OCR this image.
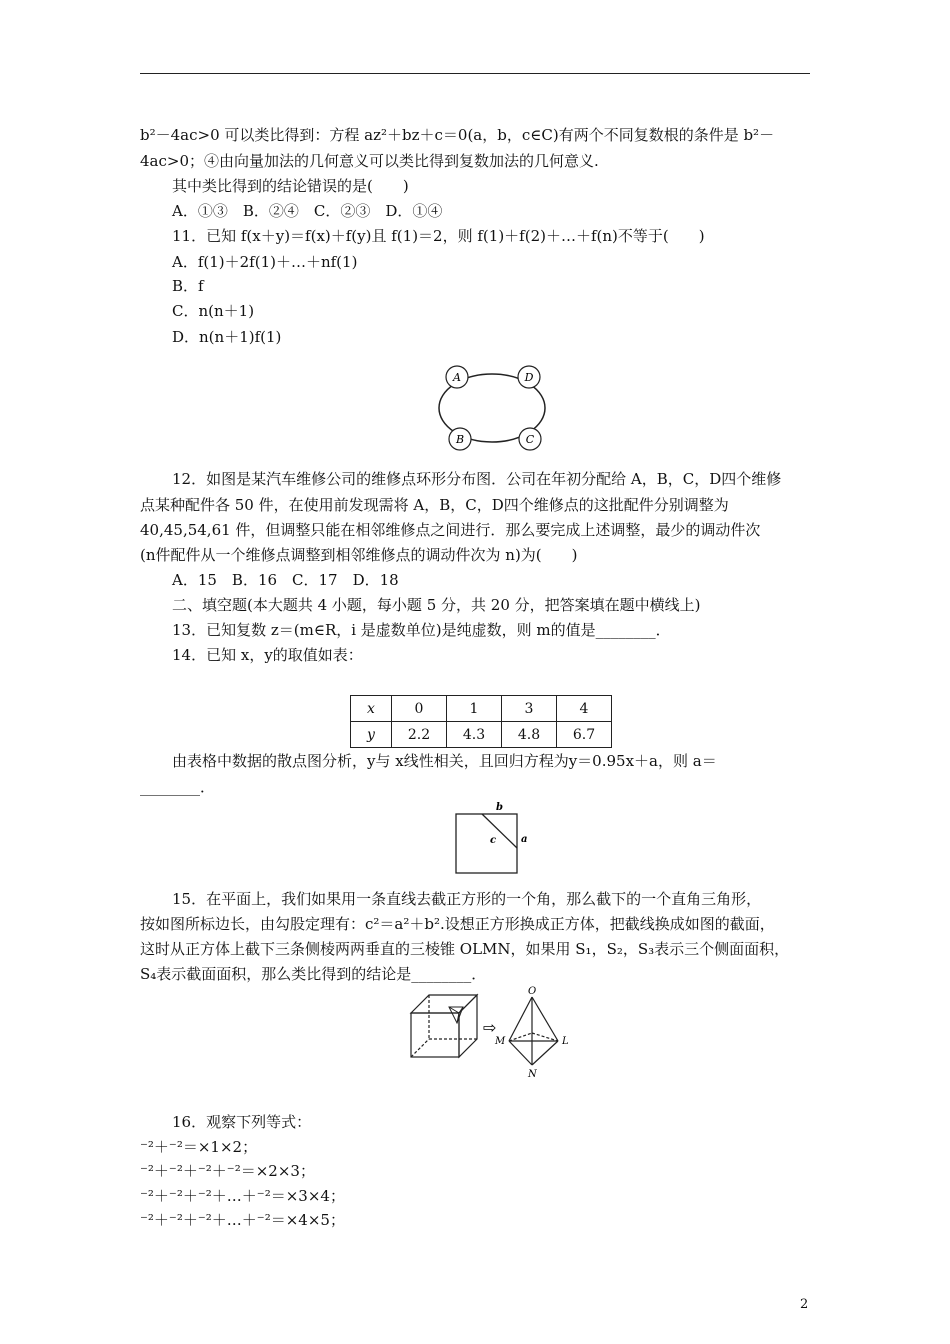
b²－4ac>0 可以类比得到：方程 az²＋bz＋c＝0(a，b，c∈C)有两个不同复数根的条件是 b²－
4ac>0；④由向量加法的几何意义可以类比得到复数加法的几何意义.
其中类比得到的结论错误的是(　　)
A．①③　B．②④　C．②③　D．①④
11．已知 f(x＋y)＝f(x)＋f(y)且 f(1)＝2，则 f(1)＋f(2)＋…＋f(n)不等于(　　)
A．f(1)＋2f(1)＋…＋nf(1)
B．f
C．n(n＋1)
D．n(n＋1)f(1)
A	D
B	C
12．如图是某汽车维修公司的维修点环形分布图．公司在年初分配给 A，B，C，D四个维修
点某种配件各 50 件，在使用前发现需将 A，B，C，D四个维修点的这批配件分别调整为
40,45,54,61 件，但调整只能在相邻维修点之间进行．那么要完成上述调整，最少的调动件次
(n件配件从一个维修点调整到相邻维修点的调动件次为 n)为(　　)
A．15　B．16　C．17　D．18
二、填空题(本大题共 4 小题，每小题 5 分，共 20 分，把答案填在题中横线上)
13．已知复数 z＝(m∈R，i 是虚数单位)是纯虚数，则 m的值是________．
14．已知 x，y的取值如表：
x	0	1	3	4
y	2.2	4.3	4.8	6.7
由表格中数据的散点图分析，y与 x线性相关，且回归方程为y＝0.95x＋a，则 a＝
________．
b
c a
15．在平面上，我们如果用一条直线去截正方形的一个角，那么截下的一个直角三角形，
按如图所标边长，由勾股定理有：c²＝a²＋b².设想正方形换成正方体，把截线换成如图的截面，
这时从正方体上截下三条侧棱两两垂直的三棱锥 OLMN，如果用 S₁，S₂，S₃表示三个侧面面积，
S₄表示截面面积，那么类比得到的结论是________．
⇨
O
M	L
N
16．观察下列等式：
⁻²＋⁻²＝×1×2；
⁻²＋⁻²＋⁻²＋⁻²＝×2×3；
⁻²＋⁻²＋⁻²＋…＋⁻²＝×3×4；
⁻²＋⁻²＋⁻²＋…＋⁻²＝×4×5；
2
